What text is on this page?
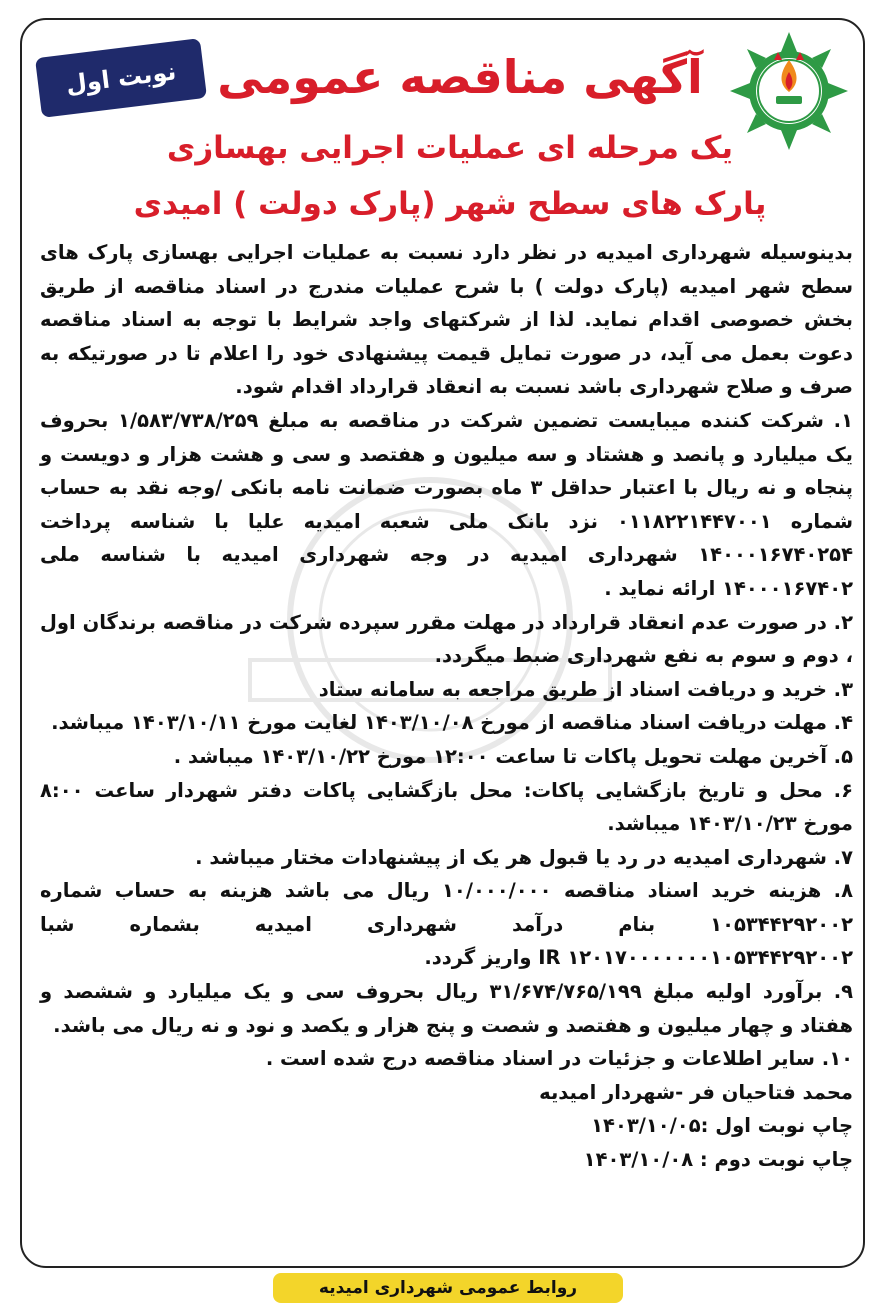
نوبت اول آگهی مناقصه عمومی
یک مرحله ای عملیات اجرایی بهسازی
پارک های سطح شهر (پارک دولت ) امیدی

بدینوسیله شهرداری امیدیه در نظر دارد نسبت به عملیات اجرایی بهسازی پارک های سطح شهر امیدیه (پارک دولت ) با شرح عملیات مندرج در اسناد مناقصه از طریق بخش خصوصی اقدام نماید. لذا از شرکتهای واجد شرایط با توجه به اسناد مناقصه دعوت بعمل می آید، در صورت تمایل قیمت پیشنهادی خود را اعلام تا در صورتیکه به صرف و صلاح شهرداری باشد نسبت به انعقاد قرارداد اقدام شود.

۱. شرکت کننده میبایست تضمین شرکت در مناقصه به مبلغ ۱/۵۸۳/۷۳۸/۲۵۹ بحروف یک میلیارد و پانصد و هشتاد و سه میلیون و هفتصد و سی و هشت هزار و دویست و پنجاه و نه ریال با اعتبار حداقل ۳ ماه بصورت ضمانت نامه بانکی /وجه نقد به حساب شماره ۰۱۱۸۲۲۱۴۴۷۰۰۱ نزد بانک ملی شعبه امیدیه علیا با شناسه پرداخت ۱۴۰۰۰۱۶۷۴۰۲۵۴ شهرداری امیدیه در وجه شهرداری امیدیه با شناسه ملی ۱۴۰۰۰۱۶۷۴۰۲ ارائه نماید .

۲. در صورت عدم انعقاد قرارداد در مهلت مقرر سپرده شرکت در مناقصه برندگان اول ، دوم و سوم به نفع شهرداری ضبط میگردد.

۳. خرید و دریافت اسناد از طریق مراجعه به سامانه ستاد

۴. مهلت دریافت اسناد مناقصه از مورخ ۱۴۰۳/۱۰/۰۸ لغایت مورخ ۱۴۰۳/۱۰/۱۱ میباشد.

۵. آخرین مهلت تحویل پاکات تا ساعت ۱۲:۰۰ مورخ ۱۴۰۳/۱۰/۲۲ میباشد .

۶. محل و تاریخ بازگشایی پاکات: محل بازگشایی پاکات دفتر شهردار ساعت ۸:۰۰ مورخ ۱۴۰۳/۱۰/۲۳ میباشد.

۷. شهرداری امیدیه در رد یا قبول هر یک از پیشنهادات مختار میباشد .

۸. هزینه خرید اسناد مناقصه ۱۰/۰۰۰/۰۰۰ ریال می باشد هزینه به حساب شماره ۱۰۵۳۴۴۲۹۲۰۰۲ بنام درآمد شهرداری امیدیه بشماره شبا ۱۲۰۱۷۰۰۰۰۰۰۰۱۰۵۳۴۴۲۹۲۰۰۲ IR واریز گردد.

۹. برآورد اولیه مبلغ ۳۱/۶۷۴/۷۶۵/۱۹۹ ریال بحروف سی و یک میلیارد و ششصد و هفتاد و چهار میلیون و هفتصد و شصت و پنج هزار و یکصد و نود و نه ریال می باشد.

۱۰. سایر اطلاعات و جزئیات در اسناد مناقصه درج شده است .

محمد فتاحیان فر -شهردار امیدیه

چاپ نوبت اول :۱۴۰۳/۱۰/۰۵

چاپ نوبت دوم : ۱۴۰۳/۱۰/۰۸

روابط عمومی شهرداری امیدیه
